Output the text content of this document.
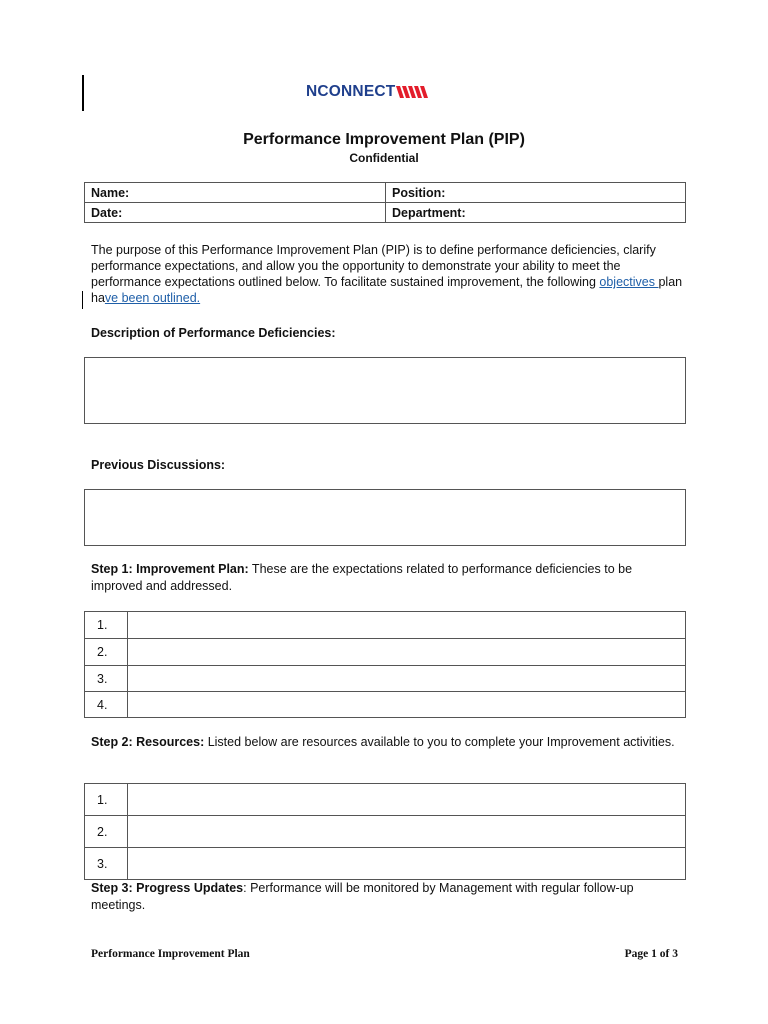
NCONNECT
Performance Improvement Plan (PIP)
Confidential
Name:	Position:
Date:	Department:
The purpose of this Performance Improvement Plan (PIP) is to define performance deficiencies, clarify performance expectations, and allow you the opportunity to demonstrate your ability to meet the performance expectations outlined below. To facilitate sustained improvement, the following objectives plan have been outlined.
Description of Performance Deficiencies:
Previous Discussions:
Step 1: Improvement Plan: These are the expectations related to performance deficiencies to be improved and addressed.
1.	
2.	
3.	
4.	
Step 2: Resources: Listed below are resources available to you to complete your Improvement activities.
1.	
2.	
3.	
Step 3: Progress Updates: Performance will be monitored by Management with regular follow-up meetings.
Performance Improvement Plan	Page 1 of 3
